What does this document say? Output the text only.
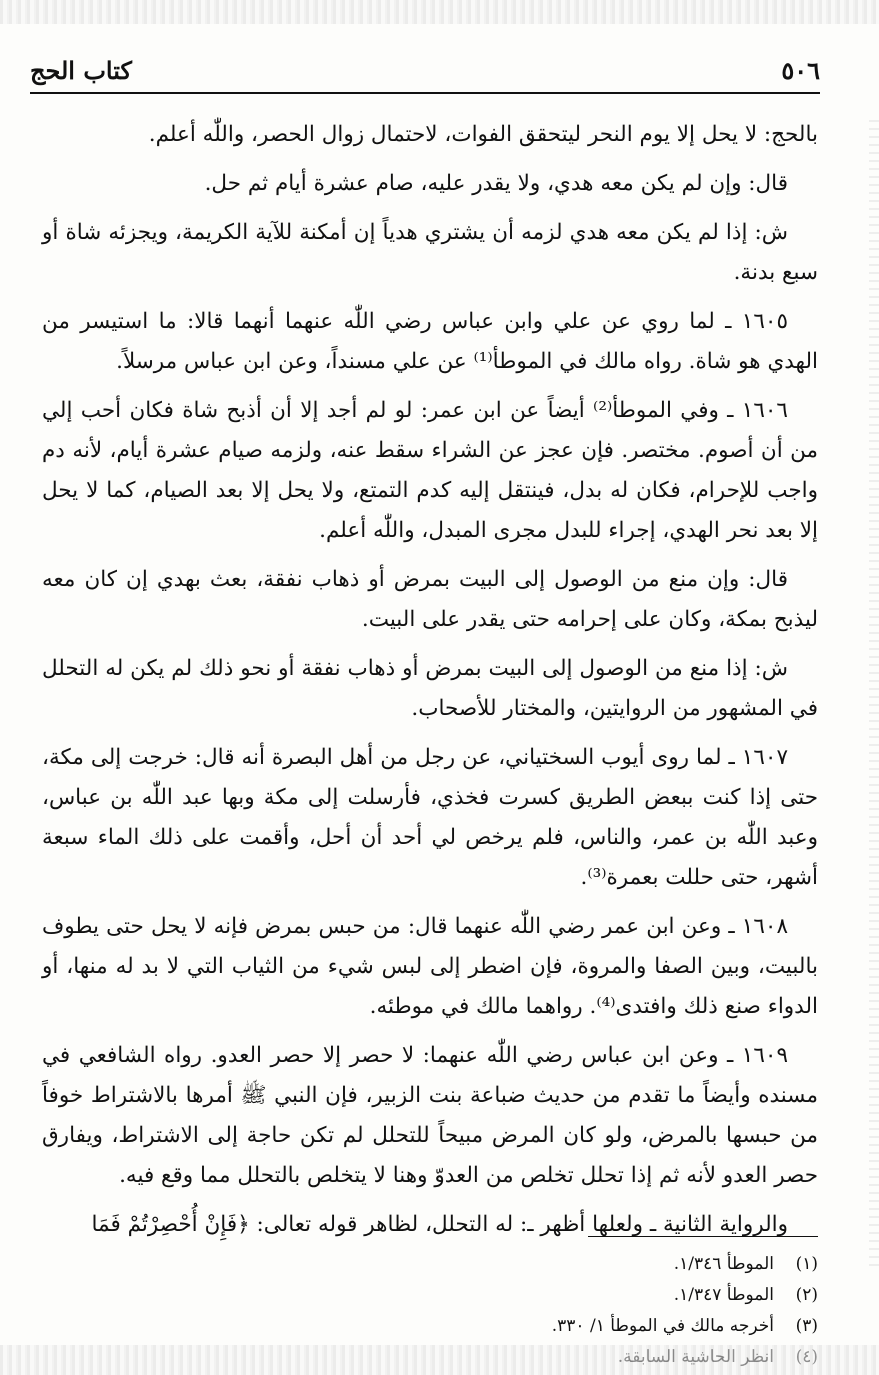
٥٠٦
كتاب الحج

بالحج: لا يحل إلا يوم النحر ليتحقق الفوات، لاحتمال زوال الحصر، واللّٰه أعلم.

قال: وإن لم يكن معه هدي، ولا يقدر عليه، صام عشرة أيام ثم حل.

ش: إذا لم يكن معه هدي لزمه أن يشتري هدياً إن أمكنة للآية الكريمة، ويجزئه شاة أو سبع بدنة.

١٦٠٥ ـ لما روي عن علي وابن عباس رضي اللّٰه عنهما أنهما قالا: ما استيسر من الهدي هو شاة. رواه مالك في الموطأ⁽¹⁾ عن علي مسنداً، وعن ابن عباس مرسلاً.

١٦٠٦ ـ وفي الموطأ⁽²⁾ أيضاً عن ابن عمر: لو لم أجد إلا أن أذبح شاة فكان أحب إلي من أن أصوم. مختصر. فإن عجز عن الشراء سقط عنه، ولزمه صيام عشرة أيام، لأنه دم واجب للإحرام، فكان له بدل، فينتقل إليه كدم التمتع، ولا يحل إلا بعد الصيام، كما لا يحل إلا بعد نحر الهدي، إجراء للبدل مجرى المبدل، واللّٰه أعلم.

قال: وإن منع من الوصول إلى البيت بمرض أو ذهاب نفقة، بعث بهدي إن كان معه ليذبح بمكة، وكان على إحرامه حتى يقدر على البيت.

ش: إذا منع من الوصول إلى البيت بمرض أو ذهاب نفقة أو نحو ذلك لم يكن له التحلل في المشهور من الروايتين، والمختار للأصحاب.

١٦٠٧ ـ لما روى أيوب السختياني، عن رجل من أهل البصرة أنه قال: خرجت إلى مكة، حتى إذا كنت ببعض الطريق كسرت فخذي، فأرسلت إلى مكة وبها عبد اللّٰه بن عباس، وعبد اللّٰه بن عمر، والناس، فلم يرخص لي أحد أن أحل، وأقمت على ذلك الماء سبعة أشهر، حتى حللت بعمرة⁽³⁾.

١٦٠٨ ـ وعن ابن عمر رضي اللّٰه عنهما قال: من حبس بمرض فإنه لا يحل حتى يطوف بالبيت، وبين الصفا والمروة، فإن اضطر إلى لبس شيء من الثياب التي لا بد له منها، أو الدواء صنع ذلك وافتدى⁽⁴⁾. رواهما مالك في موطئه.

١٦٠٩ ـ وعن ابن عباس رضي اللّٰه عنهما: لا حصر إلا حصر العدو. رواه الشافعي في مسنده وأيضاً ما تقدم من حديث ضباعة بنت الزبير، فإن النبي ﷺ أمرها بالاشتراط خوفاً من حبسها بالمرض، ولو كان المرض مبيحاً للتحلل لم تكن حاجة إلى الاشتراط، ويفارق حصر العدو لأنه ثم إذا تحلل تخلص من العدوّ وهنا لا يتخلص بالتحلل مما وقع فيه.

والرواية الثانية ـ ولعلها أظهر ـ: له التحلل، لظاهر قوله تعالى: ﴿فَإِنْ أُحْصِرْتُمْ فَمَا

(١)
الموطأ ١/٣٤٦.
(٢)
الموطأ ١/٣٤٧.
(٣)
أخرجه مالك في الموطأ ١/ ٣٣٠.
